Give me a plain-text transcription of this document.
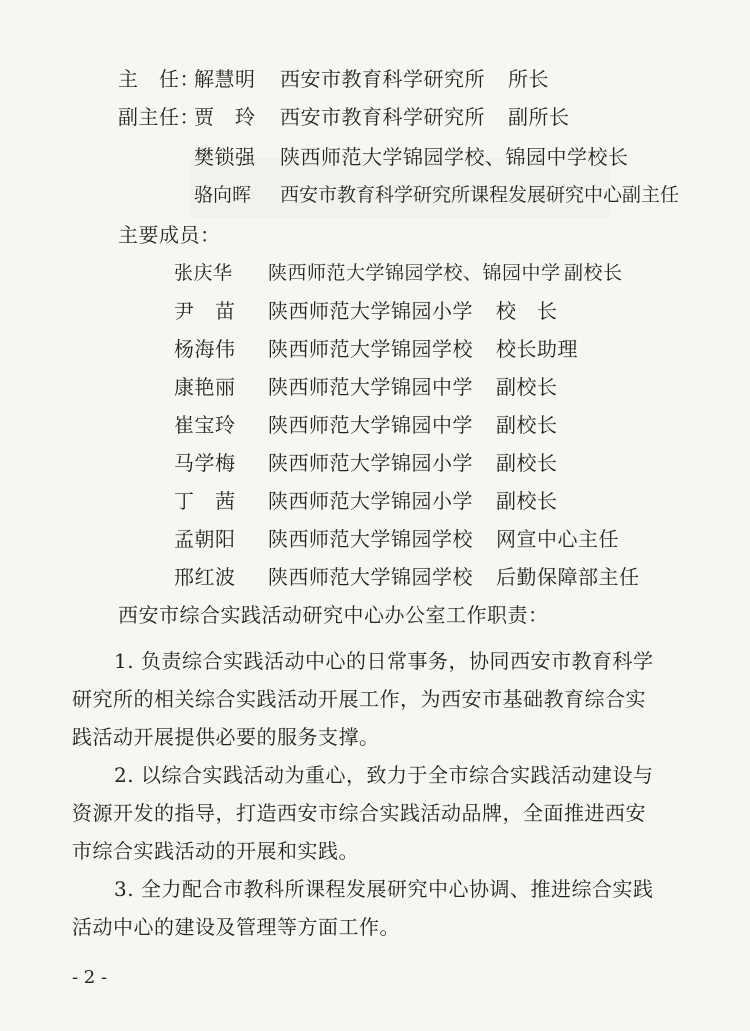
主　任：
解慧明 西安市教育科学研究所 所长
副主任：
贾　玲 西安市教育科学研究所 副所长
樊锁强 陕西师范大学锦园学校、锦园中学校长
骆向晖 西安市教育科学研究所课程发展研究中心副主任
主要成员：
张庆华 陕西师范大学锦园学校、锦园中学 副校长
尹　苗 陕西师范大学锦园小学 校　长
杨海伟 陕西师范大学锦园学校 校长助理
康艳丽 陕西师范大学锦园中学 副校长
崔宝玲 陕西师范大学锦园中学 副校长
马学梅 陕西师范大学锦园小学 副校长
丁　茜 陕西师范大学锦园小学 副校长
孟朝阳 陕西师范大学锦园学校 网宣中心主任
邢红波 陕西师范大学锦园学校 后勤保障部主任
西安市综合实践活动研究中心办公室工作职责：
1. 负责综合实践活动中心的日常事务，协同西安市教育科学研究所的相关综合实践活动开展工作，为西安市基础教育综合实践活动开展提供必要的服务支撑。
2. 以综合实践活动为重心，致力于全市综合实践活动建设与资源开发的指导，打造西安市综合实践活动品牌，全面推进西安市综合实践活动的开展和实践。
3. 全力配合市教科所课程发展研究中心协调、推进综合实践活动中心的建设及管理等方面工作。
- 2 -
